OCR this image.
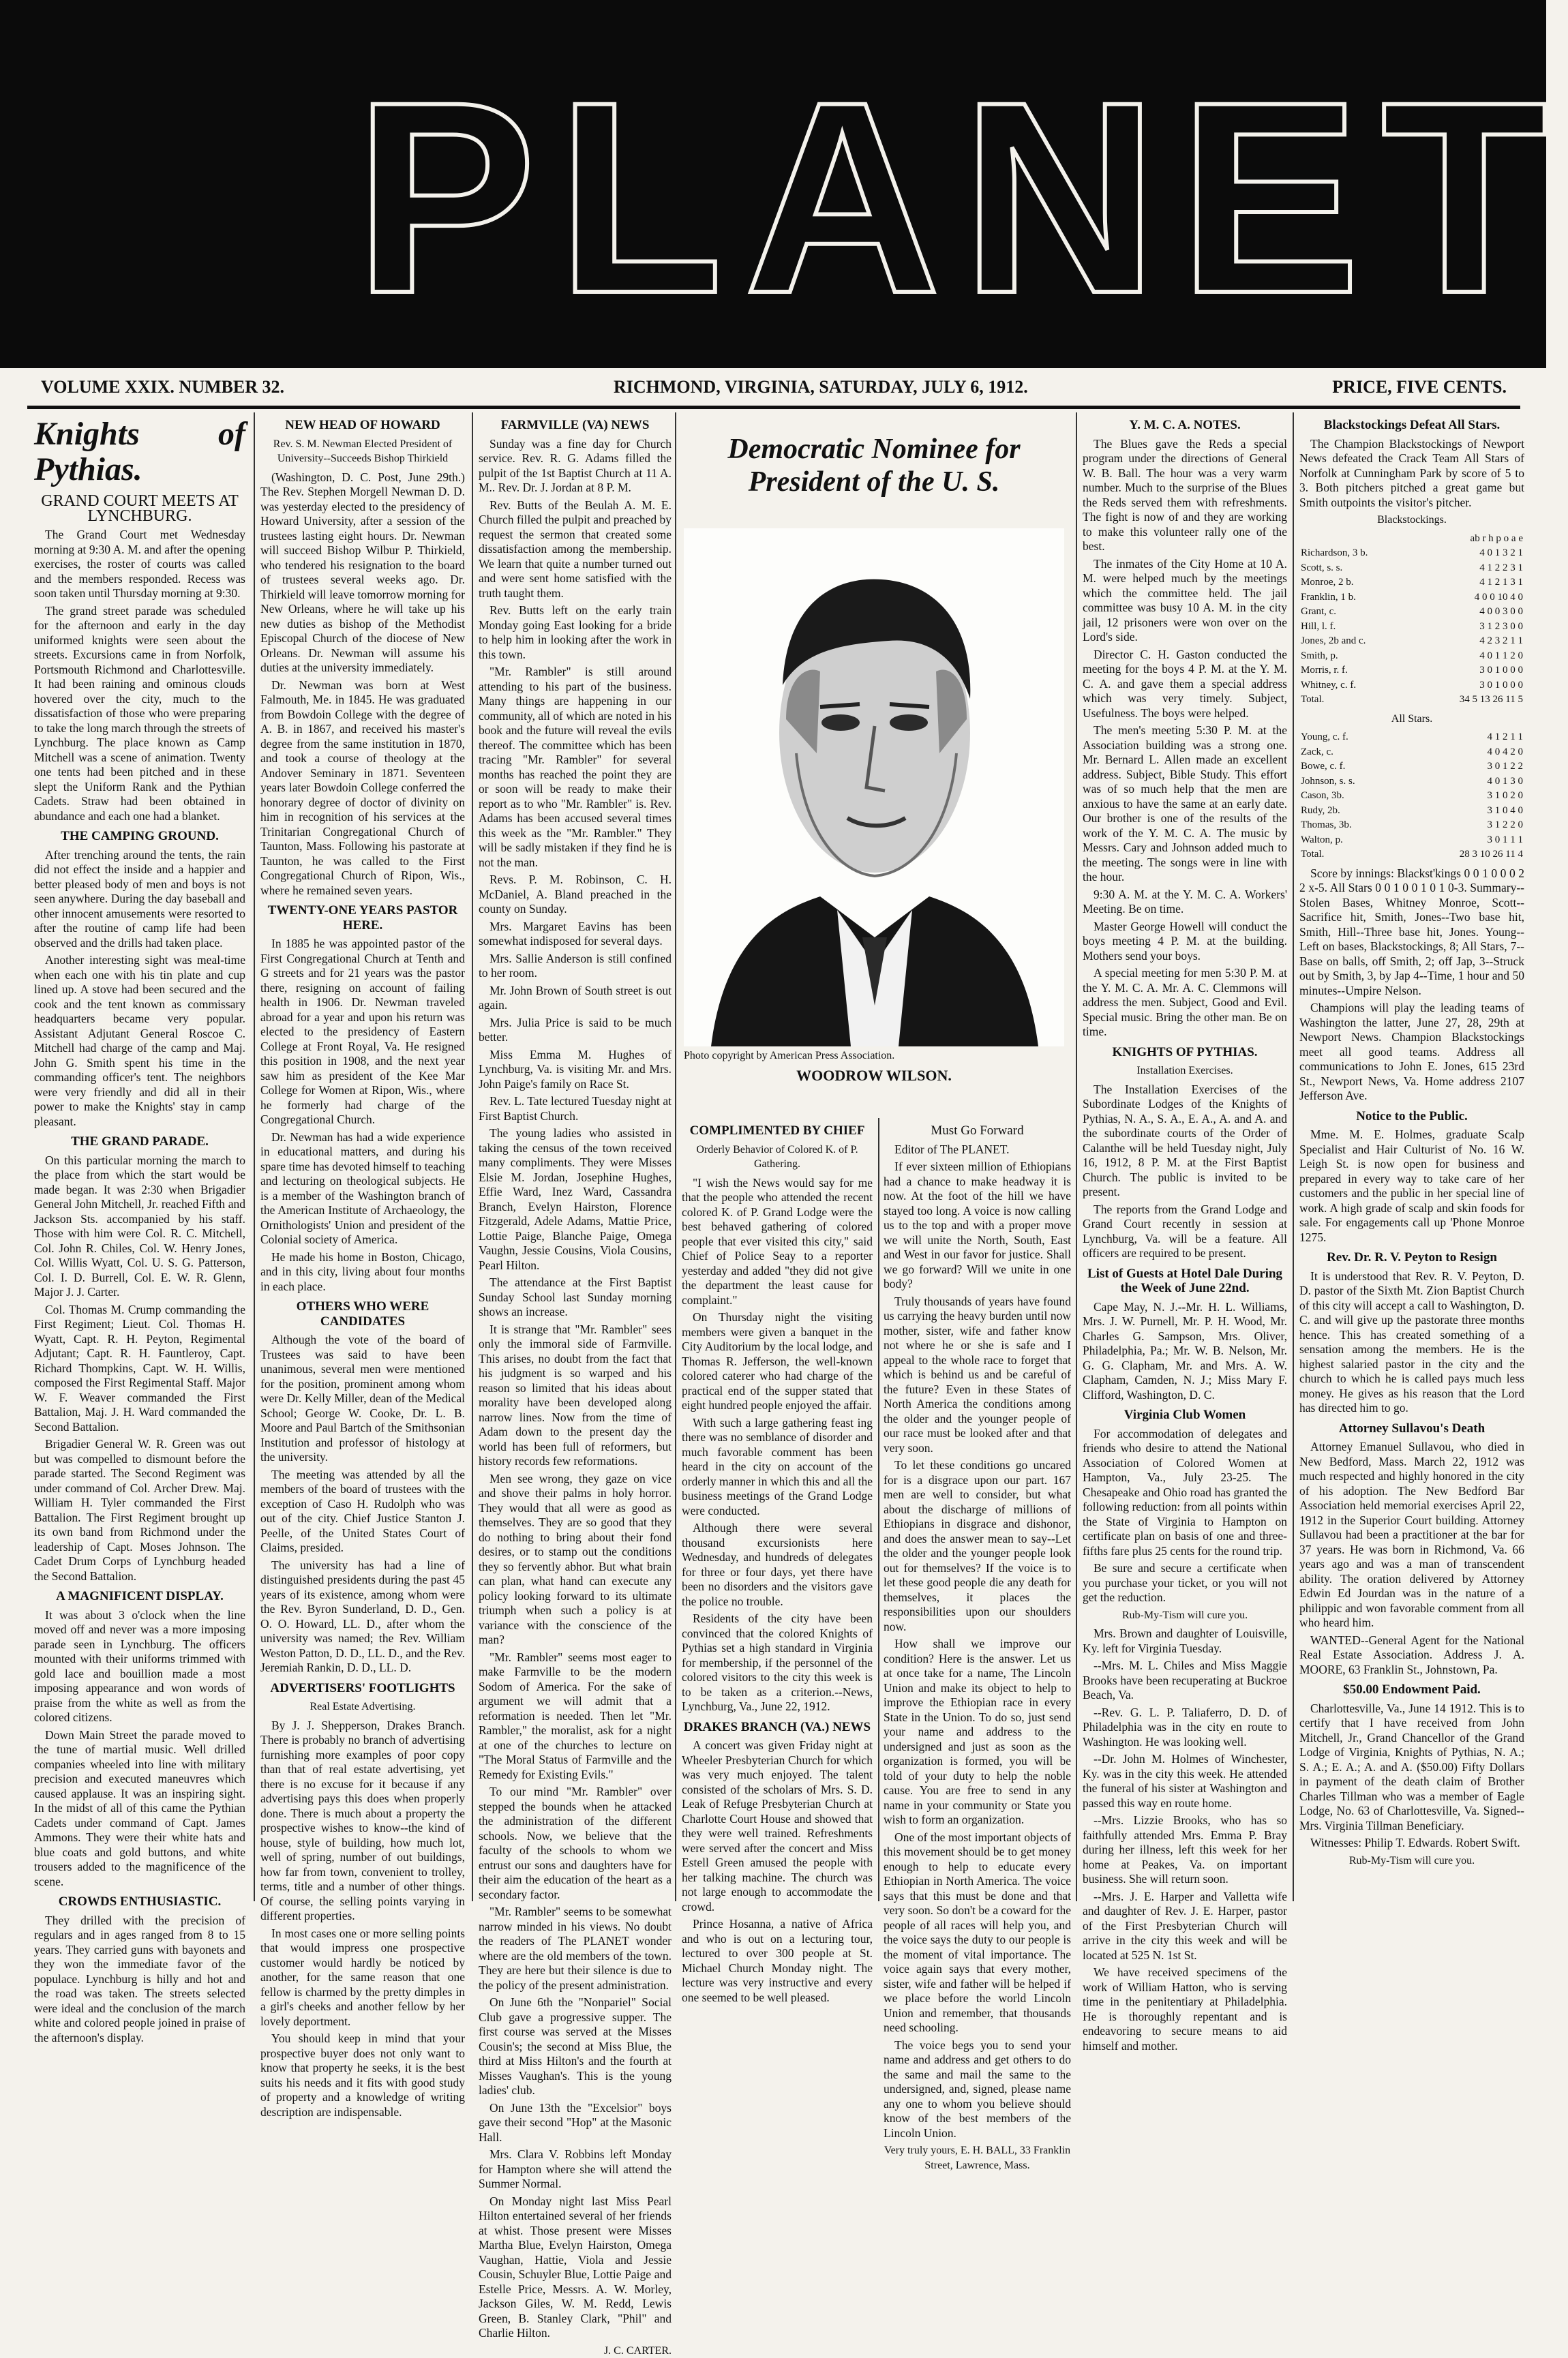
PLANET
VOLUME XXIX. NUMBER 32.	RICHMOND, VIRGINIA, SATURDAY, JULY 6, 1912.	PRICE, FIVE CENTS.
Knights of Pythias.
GRAND COURT MEETS AT LYNCHBURG.

The Grand Court met Wednesday morning at 9:30 A. M. and after the opening exercises, the roster of courts was called and the members responded. Recess was soon taken until Thursday morning at 9:30.

The grand street parade was scheduled for the afternoon and early in the day uniformed knights were seen about the streets. Excursions came in from Norfolk, Portsmouth Richmond and Charlottesville. It had been raining and ominous clouds hovered over the city, much to the dissatisfaction of those who were preparing to take the long march through the streets of Lynchburg. The place known as Camp Mitchell was a scene of animation. Twenty one tents had been pitched and in these slept the Uniform Rank and the Pythian Cadets. Straw had been obtained in abundance and each one had a blanket.

THE CAMPING GROUND.

After trenching around the tents, the rain did not effect the inside and a happier and better pleased body of men and boys is not seen anywhere. During the day baseball and other innocent amusements were resorted to after the routine of camp life had been observed and the drills had taken place.

Another interesting sight was meal-time when each one with his tin plate and cup lined up. A stove had been secured and the cook and the tent known as commissary headquarters became very popular. Assistant Adjutant General Roscoe C. Mitchell had charge of the camp and Maj. John G. Smith spent his time in the commanding officer's tent. The neighbors were very friendly and did all in their power to make the Knights' stay in camp pleasant.

THE GRAND PARADE.

On this particular morning the march to the place from which the start would be made began. It was 2:30 when Brigadier General John Mitchell, Jr. reached Fifth and Jackson Sts. accompanied by his staff. Those with him were Col. R. C. Mitchell, Col. John R. Chiles, Col. W. Henry Jones, Col. Willis Wyatt, Col. U. S. G. Patterson, Col. I. D. Burrell, Col. E. W. R. Glenn, Major J. J. Carter.

Col. Thomas M. Crump commanding the First Regiment; Lieut. Col. Thomas H. Wyatt, Capt. R. H. Peyton, Regimental Adjutant; Capt. R. H. Fauntleroy, Capt. Richard Thompkins, Capt. W. H. Willis, composed the First Regimental Staff. Major W. F. Weaver commanded the First Battalion, Maj. J. H. Ward commanded the Second Battalion.

Brigadier General W. R. Green was out but was compelled to dismount before the parade started. The Second Regiment was under command of Col. Archer Drew. Maj. William H. Tyler commanded the First Battalion. The First Regiment brought up its own band from Richmond under the leadership of Capt. Moses Johnson. The Cadet Drum Corps of Lynchburg headed the Second Battalion.

A MAGNIFICENT DISPLAY.

It was about 3 o'clock when the line moved off and never was a more imposing parade seen in Lynchburg. The officers mounted with their uniforms trimmed with gold lace and bouillion made a most imposing appearance and won words of praise from the white as well as from the colored citizens.

Down Main Street the parade moved to the tune of martial music. Well drilled companies wheeled into line with military precision and executed maneuvres which caused applause. It was an inspiring sight. In the midst of all of this came the Pythian Cadets under command of Capt. James Ammons. They were their white hats and blue coats and gold buttons, and white trousers added to the magnificence of the scene.

CROWDS ENTHUSIASTIC.

They drilled with the precision of regulars and in ages ranged from 8 to 15 years. They carried guns with bayonets and they won the immediate favor of the populace. Lynchburg is hilly and hot and the road was taken. The streets selected were ideal and the conclusion of the march white and colored people joined in praise of the afternoon's display.

NEW HEAD OF HOWARD
Rev. S. M. Newman Elected President of University--Succeeds Bishop Thirkield

(Washington, D. C. Post, June 29th.) The Rev. Stephen Morgell Newman D. D. was yesterday elected to the presidency of Howard University, after a session of the trustees lasting eight hours. Dr. Newman will succeed Bishop Wilbur P. Thirkield, who tendered his resignation to the board of trustees several weeks ago. Dr. Thirkield will leave tomorrow morning for New Orleans, where he will take up his new duties as bishop of the Methodist Episcopal Church of the diocese of New Orleans. Dr. Newman will assume his duties at the university immediately.

Dr. Newman was born at West Falmouth, Me. in 1845. He was graduated from Bowdoin College with the degree of A. B. in 1867, and received his master's degree from the same institution in 1870, and took a course of theology at the Andover Seminary in 1871. Seventeen years later Bowdoin College conferred the honorary degree of doctor of divinity on him in recognition of his services at the Trinitarian Congregational Church of Taunton, Mass. Following his pastorate at Taunton, he was called to the First Congregational Church of Ripon, Wis., where he remained seven years.

TWENTY-ONE YEARS PASTOR HERE.

In 1885 he was appointed pastor of the First Congregational Church at Tenth and G streets and for 21 years was the pastor there, resigning on account of failing health in 1906. Dr. Newman traveled abroad for a year and upon his return was elected to the presidency of Eastern College at Front Royal, Va. He resigned this position in 1908, and the next year saw him as president of the Kee Mar College for Women at Ripon, Wis., where he formerly had charge of the Congregational Church.

Dr. Newman has had a wide experience in educational matters, and during his spare time has devoted himself to teaching and lecturing on theological subjects. He is a member of the Washington branch of the American Institute of Archaeology, the Ornithologists' Union and president of the Colonial society of America.

He made his home in Boston, Chicago, and in this city, living about four months in each place.

OTHERS WHO WERE CANDIDATES

Although the vote of the board of Trustees was said to have been unanimous, several men were mentioned for the position, prominent among whom were Dr. Kelly Miller, dean of the Medical School; George W. Cooke, Dr. L. B. Moore and Paul Bartch of the Smithsonian Institution and professor of histology at the university.

The meeting was attended by all the members of the board of trustees with the exception of Caso H. Rudolph who was out of the city. Chief Justice Stanton J. Peelle, of the United States Court of Claims, presided.

The university has had a line of distinguished presidents during the past 45 years of its existence, among whom were the Rev. Byron Sunderland, D. D., Gen. O. O. Howard, LL. D., after whom the university was named; the Rev. William Weston Patton, D. D., LL. D., and the Rev. Jeremiah Rankin, D. D., LL. D.

ADVERTISERS' FOOTLIGHTS
Real Estate Advertising.

By J. J. Shepperson, Drakes Branch. There is probably no branch of advertising furnishing more examples of poor copy than that of real estate advertising, yet there is no excuse for it because if any advertising pays this does when properly done. There is much about a property the prospective wishes to know--the kind of house, style of building, how much lot, well of spring, number of out buildings, how far from town, convenient to trolley, terms, title and a number of other things. Of course, the selling points varying in different properties.

In most cases one or more selling points that would impress one prospective customer would hardly be noticed by another, for the same reason that one fellow is charmed by the pretty dimples in a girl's cheeks and another fellow by her lovely deportment.

You should keep in mind that your prospective buyer does not only want to know that property he seeks, it is the best suits his needs and it fits with good study of property and a knowledge of writing description are indispensable.

FARMVILLE (VA) NEWS

Sunday was a fine day for Church service. Rev. R. G. Adams filled the pulpit of the 1st Baptist Church at 11 A. M.. Rev. Dr. J. Jordan at 8 P. M.

Rev. Butts of the Beulah A. M. E. Church filled the pulpit and preached by request the sermon that created some dissatisfaction among the membership. We learn that quite a number turned out and were sent home satisfied with the truth taught them.

Rev. Butts left on the early train Monday going East looking for a bride to help him in looking after the work in this town.

"Mr. Rambler" is still around attending to his part of the business. Many things are happening in our community, all of which are noted in his book and the future will reveal the evils thereof. The committee which has been tracing "Mr. Rambler" for several months has reached the point they are or soon will be ready to make their report as to who "Mr. Rambler" is. Rev. Adams has been accused several times this week as the "Mr. Rambler." They will be sadly mistaken if they find he is not the man.

Revs. P. M. Robinson, C. H. McDaniel, A. Bland preached in the county on Sunday.

Mrs. Margaret Eavins has been somewhat indisposed for several days.

Mrs. Sallie Anderson is still confined to her room.

Mr. John Brown of South street is out again.

Mrs. Julia Price is said to be much better.

Miss Emma M. Hughes of Lynchburg, Va. is visiting Mr. and Mrs. John Paige's family on Race St.

Rev. L. Tate lectured Tuesday night at First Baptist Church.

The young ladies who assisted in taking the census of the town received many compliments. They were Misses Elsie M. Jordan, Josephine Hughes, Effie Ward, Inez Ward, Cassandra Branch, Evelyn Hairston, Florence Fitzgerald, Adele Adams, Mattie Price, Lottie Paige, Blanche Paige, Omega Vaughn, Jessie Cousins, Viola Cousins, Pearl Hilton.

The attendance at the First Baptist Sunday School last Sunday morning shows an increase.

It is strange that "Mr. Rambler" sees only the immoral side of Farmville. This arises, no doubt from the fact that his judgment is so warped and his reason so limited that his ideas about morality have been developed along narrow lines. Now from the time of Adam down to the present day the world has been full of reformers, but history records few reformations.

Men see wrong, they gaze on vice and shove their palms in holy horror. They would that all were as good as themselves. They are so good that they do nothing to bring about their fond desires, or to stamp out the conditions they so fervently abhor. But what brain can plan, what hand can execute any policy looking forward to its ultimate triumph when such a policy is at variance with the conscience of the man?

"Mr. Rambler" seems most eager to make Farmville to be the modern Sodom of America. For the sake of argument we will admit that a reformation is needed. Then let "Mr. Rambler," the moralist, ask for a night at one of the churches to lecture on "The Moral Status of Farmville and the Remedy for Existing Evils."

To our mind "Mr. Rambler" over stepped the bounds when he attacked the administration of the different schools. Now, we believe that the faculty of the schools to whom we entrust our sons and daughters have for their aim the education of the heart as a secondary factor.

"Mr. Rambler" seems to be somewhat narrow minded in his views. No doubt the readers of The PLANET wonder where are the old members of the town. They are here but their silence is due to the policy of the present administration.

On June 6th the "Nonpariel" Social Club gave a progressive supper. The first course was served at the Misses Cousin's; the second at Miss Blue, the third at Miss Hilton's and the fourth at Misses Vaughan's. This is the young ladies' club.

On June 13th the "Excelsior" boys gave their second "Hop" at the Masonic Hall.

Mrs. Clara V. Robbins left Monday for Hampton where she will attend the Summer Normal.

On Monday night last Miss Pearl Hilton entertained several of her friends at whist. Those present were Misses Martha Blue, Evelyn Hairston, Omega Vaughan, Hattie, Viola and Jessie Cousin, Schuyler Blue, Lottie Paige and Estelle Price, Messrs. A. W. Morley, Jackson Giles, W. M. Redd, Lewis Green, B. Stanley Clark, "Phil" and Charlie Hilton.

J. C. CARTER.
Democratic Nominee for President of the U. S.
Photo copyright by American Press Association.
WOODROW WILSON.
COMPLIMENTED BY CHIEF
Orderly Behavior of Colored K. of P. Gathering.

"I wish the News would say for me that the people who attended the recent colored K. of P. Grand Lodge were the best behaved gathering of colored people that ever visited this city," said Chief of Police Seay to a reporter yesterday and added "they did not give the department the least cause for complaint."

On Thursday night the visiting members were given a banquet in the City Auditorium by the local lodge, and Thomas R. Jefferson, the well-known colored caterer who had charge of the practical end of the supper stated that eight hundred people enjoyed the affair.

With such a large gathering feast ing there was no semblance of disorder and much favorable comment has been heard in the city on account of the orderly manner in which this and all the business meetings of the Grand Lodge were conducted.

Although there were several thousand excursionists here Wednesday, and hundreds of delegates for three or four days, yet there have been no disorders and the visitors gave the police no trouble.

Residents of the city have been convinced that the colored Knights of Pythias set a high standard in Virginia for membership, if the personnel of the colored visitors to the city this week is to be taken as a criterion.--News, Lynchburg, Va., June 22, 1912.

DRAKES BRANCH (VA.) NEWS

A concert was given Friday night at Wheeler Presbyterian Church for which was very much enjoyed. The talent consisted of the scholars of Mrs. S. D. Leak of Refuge Presbyterian Church at Charlotte Court House and showed that they were well trained. Refreshments were served after the concert and Miss Estell Green amused the people with her talking machine. The church was not large enough to accommodate the crowd.

Prince Hosanna, a native of Africa and who is out on a lecturing tour, lectured to over 300 people at St. Michael Church Monday night. The lecture was very instructive and every one seemed to be well pleased.

Must Go Forward

Editor of The PLANET.

If ever sixteen million of Ethiopians had a chance to make headway it is now. At the foot of the hill we have stayed too long. A voice is now calling us to the top and with a proper move we will unite the North, South, East and West in our favor for justice. Shall we go forward? Will we unite in one body?

Truly thousands of years have found us carrying the heavy burden until now mother, sister, wife and father know not where he or she is safe and I appeal to the whole race to forget that which is behind us and be careful of the future? Even in these States of North America the conditions among the older and the younger people of our race must be looked after and that very soon.

To let these conditions go uncared for is a disgrace upon our part. 167 men are well to consider, but what about the discharge of millions of Ethiopians in disgrace and dishonor, and does the answer mean to say--Let the older and the younger people look out for themselves? If the voice is to let these good people die any death for themselves, it places the responsibilities upon our shoulders now.

How shall we improve our condition? Here is the answer. Let us at once take for a name, The Lincoln Union and make its object to help to improve the Ethiopian race in every State in the Union. To do so, just send your name and address to the undersigned and just as soon as the organization is formed, you will be told of your duty to help the noble cause. You are free to send in any name in your community or State you wish to form an organization.

One of the most important objects of this movement should be to get money enough to help to educate every Ethiopian in North America. The voice says that this must be done and that very soon. So don't be a coward for the people of all races will help you, and the voice says the duty to our people is the moment of vital importance. The voice again says that every mother, sister, wife and father will be helped if we place before the world Lincoln Union and remember, that thousands need schooling.

The voice begs you to send your name and address and get others to do the same and mail the same to the undersigned, and, signed, please name any one to whom you believe should know of the best members of the Lincoln Union.

Very truly yours, E. H. BALL, 33 Franklin Street, Lawrence, Mass.
Y. M. C. A. NOTES.

The Blues gave the Reds a special program under the directions of General W. B. Ball. The hour was a very warm number. Much to the surprise of the Blues the Reds served them with refreshments. The fight is now of and they are working to make this volunteer rally one of the best.

The inmates of the City Home at 10 A. M. were helped much by the meetings which the committee held. The jail committee was busy 10 A. M. in the city jail, 12 prisoners were won over on the Lord's side.

Director C. H. Gaston conducted the meeting for the boys 4 P. M. at the Y. M. C. A. and gave them a special address which was very timely. Subject, Usefulness. The boys were helped.

The men's meeting 5:30 P. M. at the Association building was a strong one. Mr. Bernard L. Allen made an excellent address. Subject, Bible Study. This effort was of so much help that the men are anxious to have the same at an early date. Our brother is one of the results of the work of the Y. M. C. A. The music by Messrs. Cary and Johnson added much to the meeting. The songs were in line with the hour.

9:30 A. M. at the Y. M. C. A. Workers' Meeting. Be on time.

Master George Howell will conduct the boys meeting 4 P. M. at the building. Mothers send your boys.

A special meeting for men 5:30 P. M. at the Y. M. C. A. Mr. A. C. Clemmons will address the men. Subject, Good and Evil. Special music. Bring the other man. Be on time.

KNIGHTS OF PYTHIAS.
Installation Exercises.

The Installation Exercises of the Subordinate Lodges of the Knights of Pythias, N. A., S. A., E. A., A. and A. and the subordinate courts of the Order of Calanthe will be held Tuesday night, July 16, 1912, 8 P. M. at the First Baptist Church. The public is invited to be present.

The reports from the Grand Lodge and Grand Court recently in session at Lynchburg, Va. will be a feature. All officers are required to be present.

List of Guests at Hotel Dale During the Week of June 22nd.

Cape May, N. J.--Mr. H. L. Williams, Mrs. J. W. Purnell, Mr. P. H. Wood, Mr. Charles G. Sampson, Mrs. Oliver, Philadelphia, Pa.; Mr. W. B. Nelson, Mr. G. G. Clapham, Mr. and Mrs. A. W. Clapham, Camden, N. J.; Miss Mary F. Clifford, Washington, D. C.

Virginia Club Women

For accommodation of delegates and friends who desire to attend the National Association of Colored Women at Hampton, Va., July 23-25. The Chesapeake and Ohio road has granted the following reduction: from all points within the State of Virginia to Hampton on certificate plan on basis of one and three-fifths fare plus 25 cents for the round trip.

Be sure and secure a certificate when you purchase your ticket, or you will not get the reduction.

Rub-My-Tism will cure you.

Mrs. Brown and daughter of Louisville, Ky. left for Virginia Tuesday.

--Mrs. M. L. Chiles and Miss Maggie Brooks have been recuperating at Buckroe Beach, Va.

--Rev. G. L. P. Taliaferro, D. D. of Philadelphia was in the city en route to Washington. He was looking well.

--Dr. John M. Holmes of Winchester, Ky. was in the city this week. He attended the funeral of his sister at Washington and passed this way en route home.

--Mrs. Lizzie Brooks, who has so faithfully attended Mrs. Emma P. Bray during her illness, left this week for her home at Peakes, Va. on important business. She will return soon.

--Mrs. J. E. Harper and Valletta wife and daughter of Rev. J. E. Harper, pastor of the First Presbyterian Church will arrive in the city this week and will be located at 525 N. 1st St.

We have received specimens of the work of William Hatton, who is serving time in the penitentiary at Philadelphia. He is thoroughly repentant and is endeavoring to secure means to aid himself and mother.

Blackstockings Defeat All Stars.

The Champion Blackstockings of Newport News defeated the Crack Team All Stars of Norfolk at Cunningham Park by score of 5 to 3. Both pitchers pitched a great game but Smith outpoints the visitor's pitcher.

Blackstockings.
	ab r h p o a e
Richardson, 3 b.	4 0 1 3 2 1
Scott, s. s.	4 1 2 2 3 1
Monroe, 2 b.	4 1 2 1 3 1
Franklin, 1 b.	4 0 0 10 4 0
Grant, c.	4 0 0 3 0 0
Hill, l. f.	3 1 2 3 0 0
Jones, 2b and c.	4 2 3 2 1 1
Smith, p.	4 0 1 1 2 0
Morris, r. f.	3 0 1 0 0 0
Whitney, c. f.	3 0 1 0 0 0
Total.	34 5 13 26 11 5
All Stars.
Young, c. f.	4 1 2 1 1
Zack, c.	4 0 4 2 0
Bowe, c. f.	3 0 1 2 2
Johnson, s. s.	4 0 1 3 0
Cason, 3b.	3 1 0 2 0
Rudy, 2b.	3 1 0 4 0
Thomas, 3b.	3 1 2 2 0
Walton, p.	3 0 1 1 1
Total.	28 3 10 26 11 4

Score by innings: Blackst'kings 0 0 1 0 0 0 2 2 x-5. All Stars 0 0 1 0 0 1 0 1 0-3. Summary--Stolen Bases, Whitney Monroe, Scott--Sacrifice hit, Smith, Jones--Two base hit, Smith, Hill--Three base hit, Jones. Young--Left on bases, Blackstockings, 8; All Stars, 7--Base on balls, off Smith, 2; off Jap, 3--Struck out by Smith, 3, by Jap 4--Time, 1 hour and 50 minutes--Umpire Nelson.

Champions will play the leading teams of Washington the latter, June 27, 28, 29th at Newport News. Champion Blackstockings meet all good teams. Address all communications to John E. Jones, 615 23rd St., Newport News, Va. Home address 2107 Jefferson Ave.

Notice to the Public.

Mme. M. E. Holmes, graduate Scalp Specialist and Hair Culturist of No. 16 W. Leigh St. is now open for business and prepared in every way to take care of her customers and the public in her special line of work. A high grade of scalp and skin foods for sale. For engagements call up 'Phone Monroe 1275.

Rev. Dr. R. V. Peyton to Resign

It is understood that Rev. R. V. Peyton, D. D. pastor of the Sixth Mt. Zion Baptist Church of this city will accept a call to Washington, D. C. and will give up the pastorate three months hence. This has created something of a sensation among the members. He is the highest salaried pastor in the city and the church to which he is called pays much less money. He gives as his reason that the Lord has directed him to go.

Attorney Sullavou's Death

Attorney Emanuel Sullavou, who died in New Bedford, Mass. March 22, 1912 was much respected and highly honored in the city of his adoption. The New Bedford Bar Association held memorial exercises April 22, 1912 in the Superior Court building. Attorney Sullavou had been a practitioner at the bar for 37 years. He was born in Richmond, Va. 66 years ago and was a man of transcendent ability. The oration delivered by Attorney Edwin Ed Jourdan was in the nature of a philippic and won favorable comment from all who heard him.

WANTED--General Agent for the National Real Estate Association. Address J. A. MOORE, 63 Franklin St., Johnstown, Pa.

$50.00 Endowment Paid.

Charlottesville, Va., June 14 1912. This is to certify that I have received from John Mitchell, Jr., Grand Chancellor of the Grand Lodge of Virginia, Knights of Pythias, N. A.; S. A.; E. A.; A. and A. ($50.00) Fifty Dollars in payment of the death claim of Brother Charles Tillman who was a member of Eagle Lodge, No. 63 of Charlottesville, Va. Signed--Mrs. Virginia Tillman Beneficiary.

Witnesses: Philip T. Edwards. Robert Swift.

Rub-My-Tism will cure you.
